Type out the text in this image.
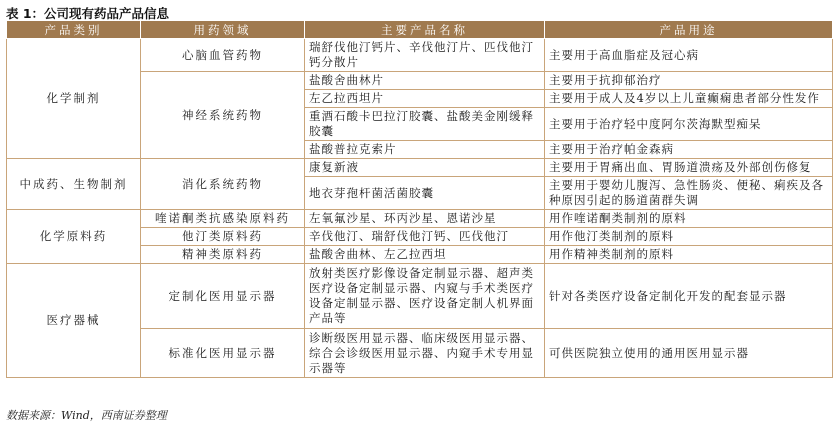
表 1：公司现有药品产品信息
产品类别	用药领域	主要产品名称	产品用途
化学制剂	心脑血管药物	瑞舒伐他汀钙片、辛伐他汀片、匹伐他汀钙分散片	主要用于高血脂症及冠心病
	神经系统药物	盐酸舍曲林片	主要用于抗抑郁治疗
		左乙拉西坦片	主要用于成人及4岁以上儿童癫痫患者部分性发作
		重酒石酸卡巴拉汀胶囊、盐酸美金刚缓释胶囊	主要用于治疗轻中度阿尔茨海默型痴呆
		盐酸普拉克索片	主要用于治疗帕金森病
中成药、生物制剂	消化系统药物	康复新液	主要用于胃痛出血、胃肠道溃疡及外部创伤修复
		地衣芽孢杆菌活菌胶囊	主要用于婴幼儿腹泻、急性肠炎、便秘、痢疾及各种原因引起的肠道菌群失调
化学原料药	喹诺酮类抗感染原料药	左氧氟沙星、环丙沙星、恩诺沙星	用作喹诺酮类制剂的原料
	他汀类原料药	辛伐他汀、瑞舒伐他汀钙、匹伐他汀	用作他汀类制剂的原料
	精神类原料药	盐酸舍曲林、左乙拉西坦	用作精神类制剂的原料
医疗器械	定制化医用显示器	放射类医疗影像设备定制显示器、超声类医疗设备定制显示器、内窥与手术类医疗设备定制显示器、医疗设备定制人机界面产品等	针对各类医疗设备定制化开发的配套显示器
	标准化医用显示器	诊断级医用显示器、临床级医用显示器、综合会诊级医用显示器、内窥手术专用显示器等	可供医院独立使用的通用医用显示器
数据来源：Wind，西南证券整理
